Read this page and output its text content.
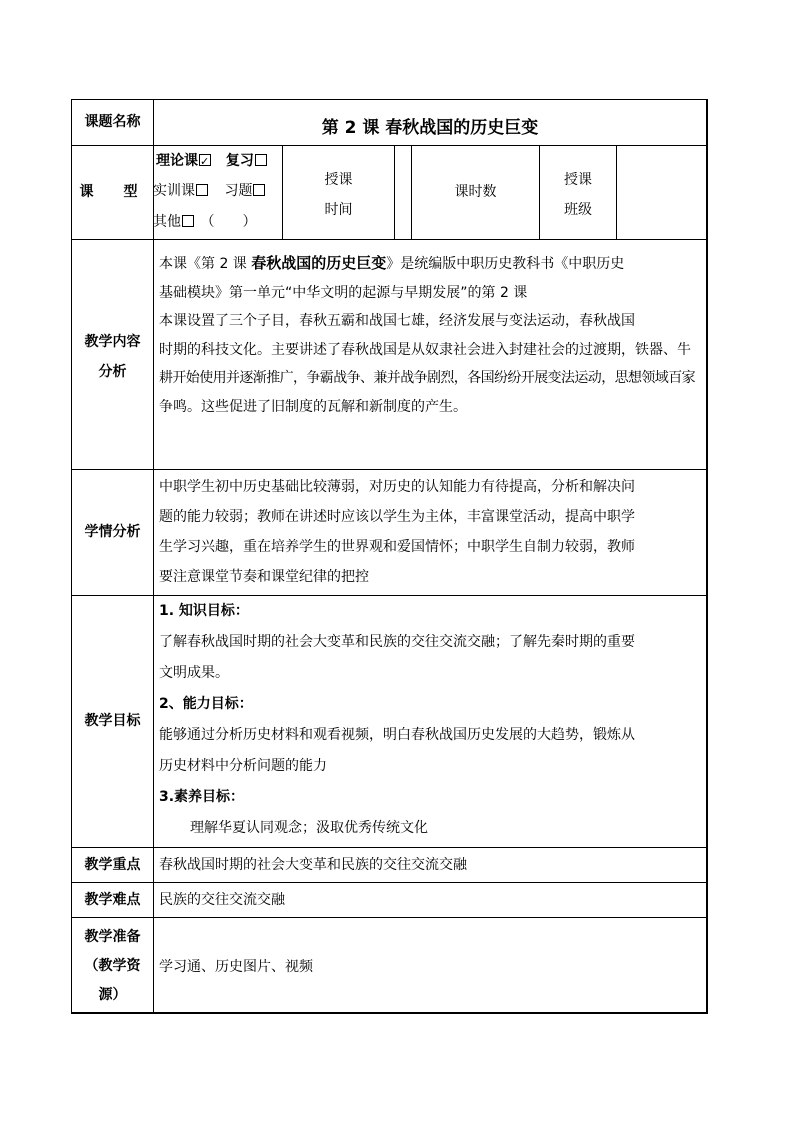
课题名称	第 2 课 春秋战国的历史巨变
课　型
理论课✓ 复习
实训课 习题
其他 （　　）
授课
时间
课时数
授课
班级
教学内容
分析

本课《第 2 课 春秋战国的历史巨变》是统编版中职历史教科书《中职历史

基础模块》第一单元“中华文明的起源与早期发展”的第 2 课

本课设置了三个子目，春秋五霸和战国七雄，经济发展与变法运动，春秋战国

时期的科技文化。主要讲述了春秋战国是从奴隶社会进入封建社会的过渡期，铁器、牛

耕开始使用并逐渐推广，争霸战争、兼并战争剧烈，各国纷纷开展变法运动，思想领域百家

争鸣。这些促进了旧制度的瓦解和新制度的产生。

学情分析

中职学生初中历史基础比较薄弱，对历史的认知能力有待提高，分析和解决问

题的能力较弱；教师在讲述时应该以学生为主体，丰富课堂活动，提高中职学

生学习兴趣，重在培养学生的世界观和爱国情怀；中职学生自制力较弱，教师

要注意课堂节奏和课堂纪律的把控

教学目标

1. 知识目标：

了解春秋战国时期的社会大变革和民族的交往交流交融；了解先秦时期的重要

文明成果。

2、能力目标：

能够通过分析历史材料和观看视频，明白春秋战国历史发展的大趋势，锻炼从

历史材料中分析问题的能力

3.素养目标：

理解华夏认同观念；汲取优秀传统文化

教学重点	春秋战国时期的社会大变革和民族的交往交流交融
教学难点	民族的交往交流交融
教学准备
（教学资
源）
学习通、历史图片、视频
